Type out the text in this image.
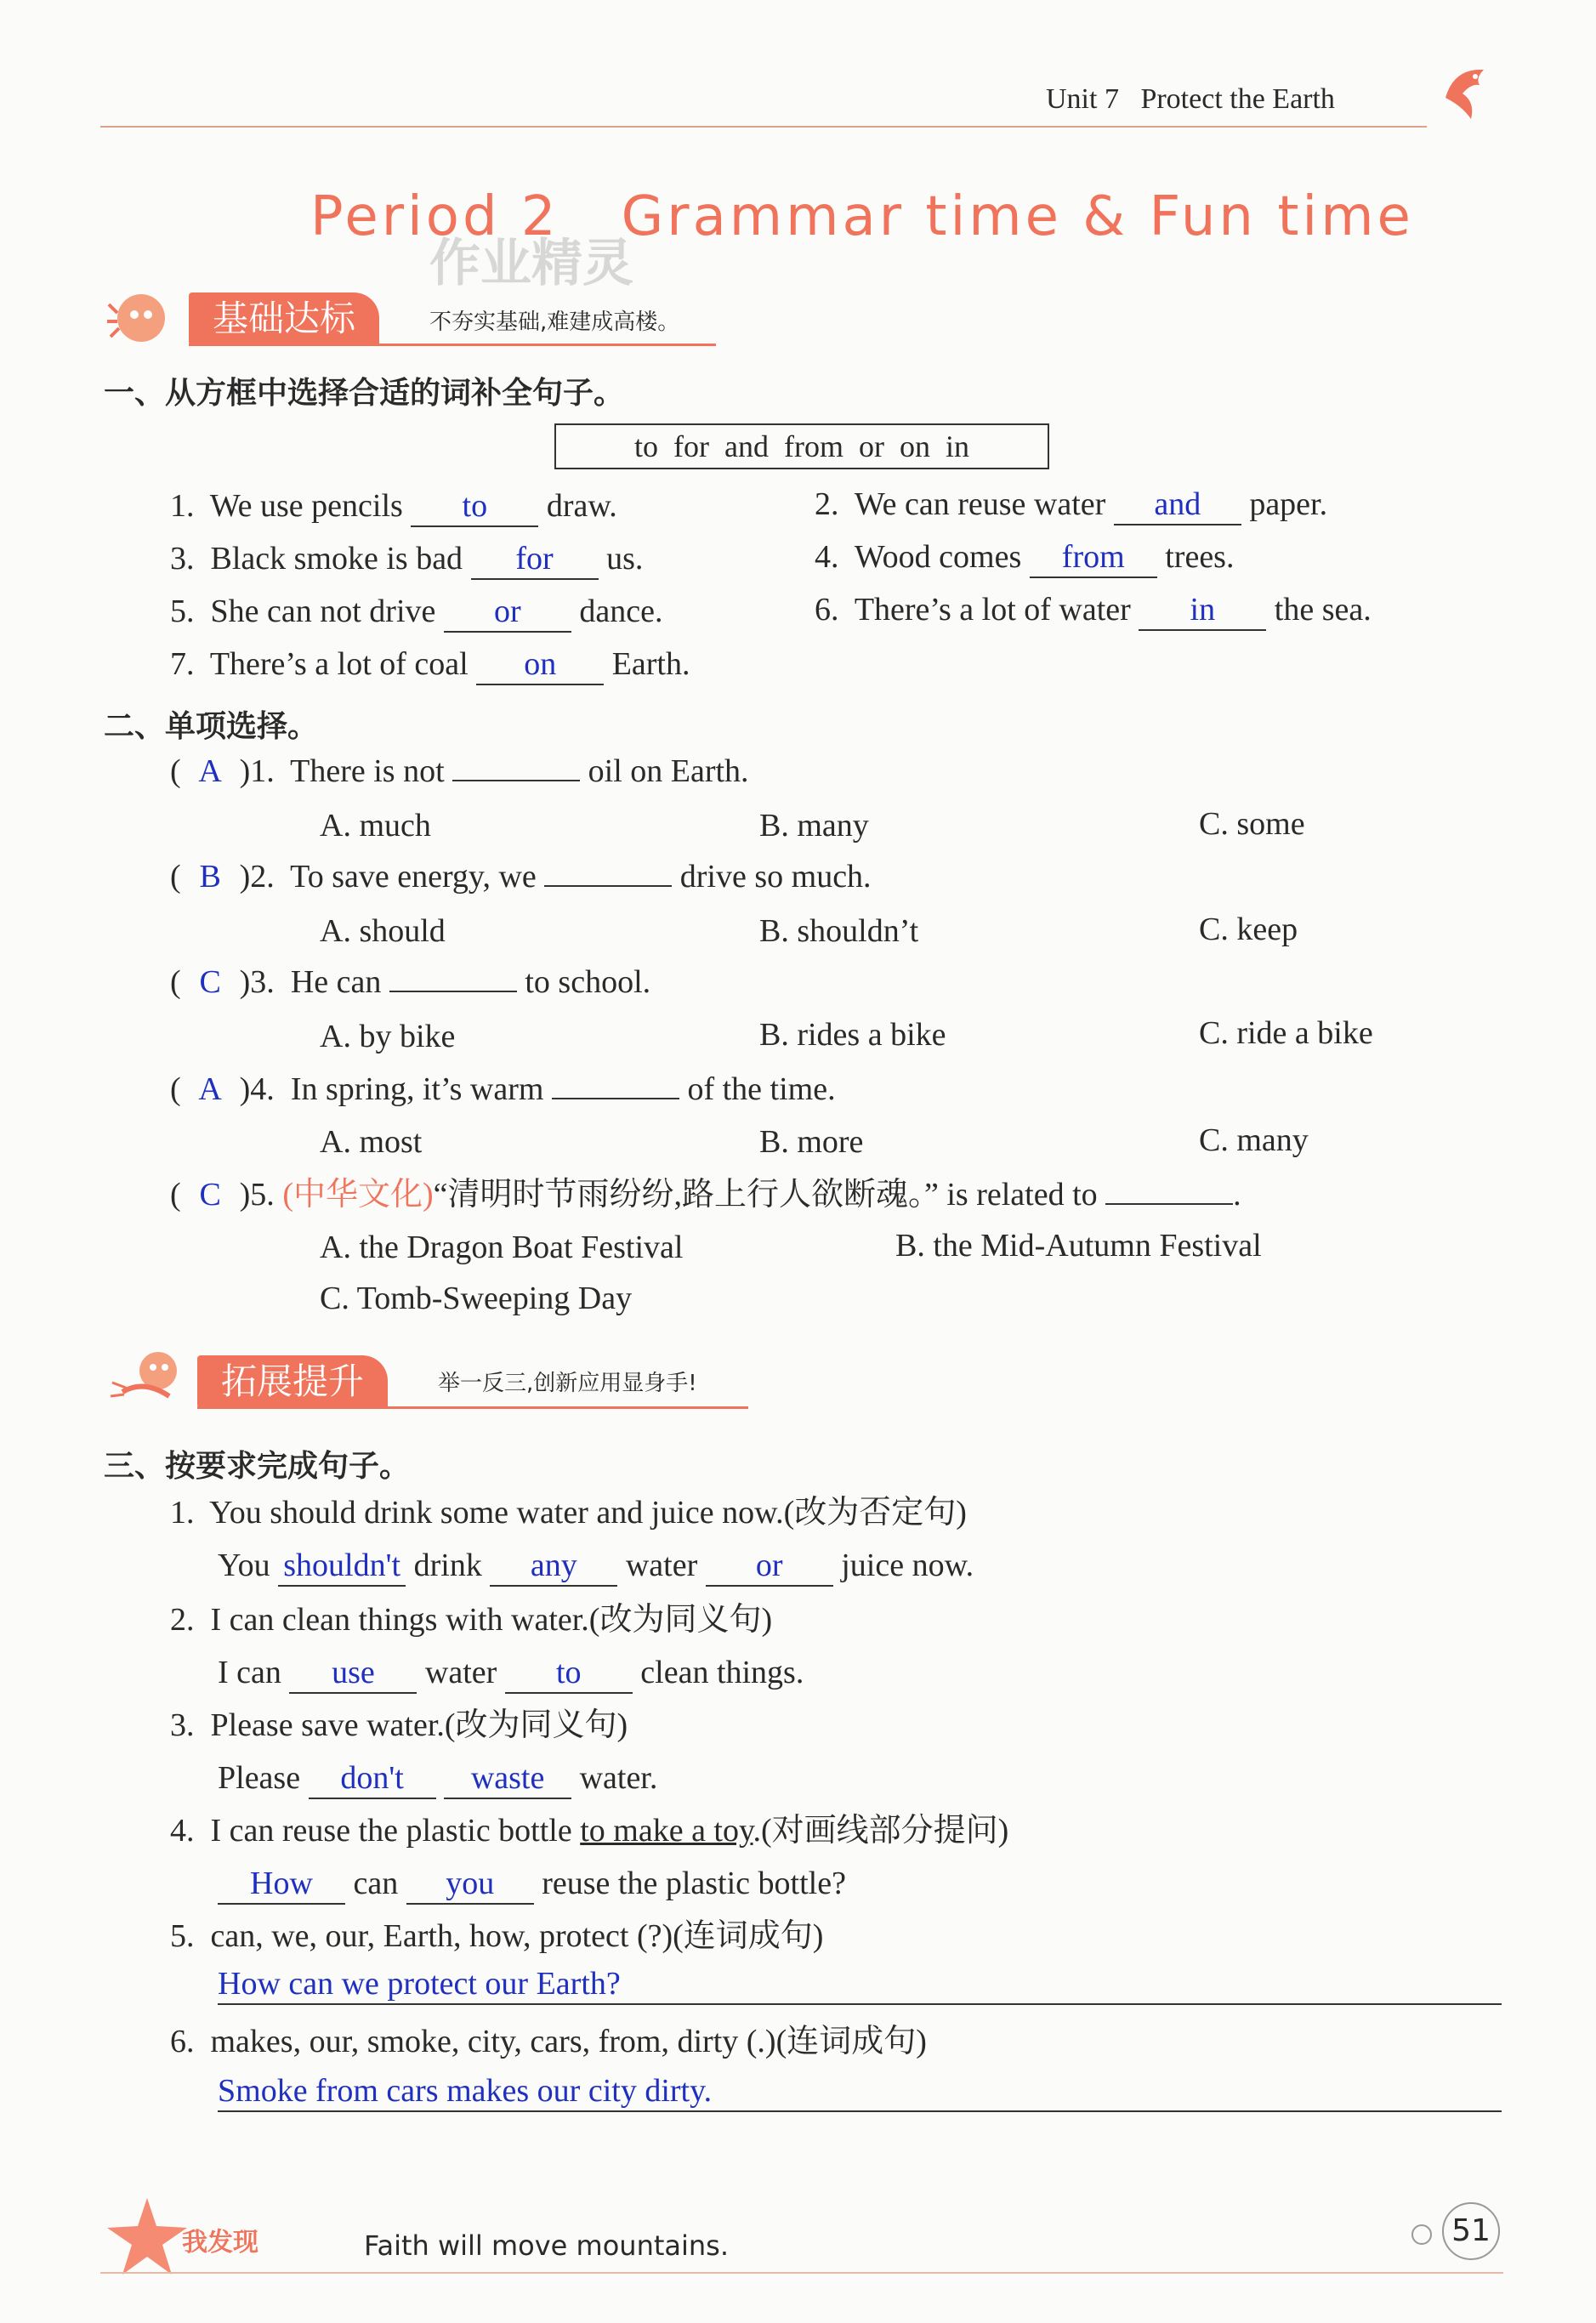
Unit 7 Protect the Earth
Period 2   Grammar time & Fun time
作业精灵
基础达标	不夯实基础,难建成高楼。
一、从方框中选择合适的词补全句子。
to  for  and  from  or  on  in
1. We use pencils to draw.	2. We can reuse water and paper.
3. Black smoke is bad for us.	4. Wood comes from trees.
5. She can not drive or dance.	6. There’s a lot of water in the sea.
7. There’s a lot of coal on Earth.
二、单项选择。
( A )1. There is not	oil on Earth.
A. much	B. many	C. some
( B )2. To save energy, we	drive so much.
A. should	B. shouldn’t	C. keep
( C )3. He can	to school.
A. by bike	B. rides a bike	C. ride a bike
( A )4. In spring, it’s warm	of the time.
A. most	B. more	C. many
( C )5. (中华文化)“清明时节雨纷纷,路上行人欲断魂。” is related to	.
A. the Dragon Boat Festival	B. the Mid-Autumn Festival
C. Tomb-Sweeping Day
拓展提升	举一反三,创新应用显身手!
三、按要求完成句子。
1. You should drink some water and juice now.(改为否定句)
You shouldn't drink any water or juice now.
2. I can clean things with water.(改为同义句)
I can use water to clean things.
3. Please save water.(改为同义句)
Please don't waste water.
4. I can reuse the plastic bottle to make a toy.(对画线部分提问)
How can you reuse the plastic bottle?
5. can, we, our, Earth, how, protect (?)(连词成句)
How can we protect our Earth?
6. makes, our, smoke, city, cars, from, dirty (.)(连词成句)
Smoke from cars makes our city dirty.
我发现	Faith will move mountains.	51
